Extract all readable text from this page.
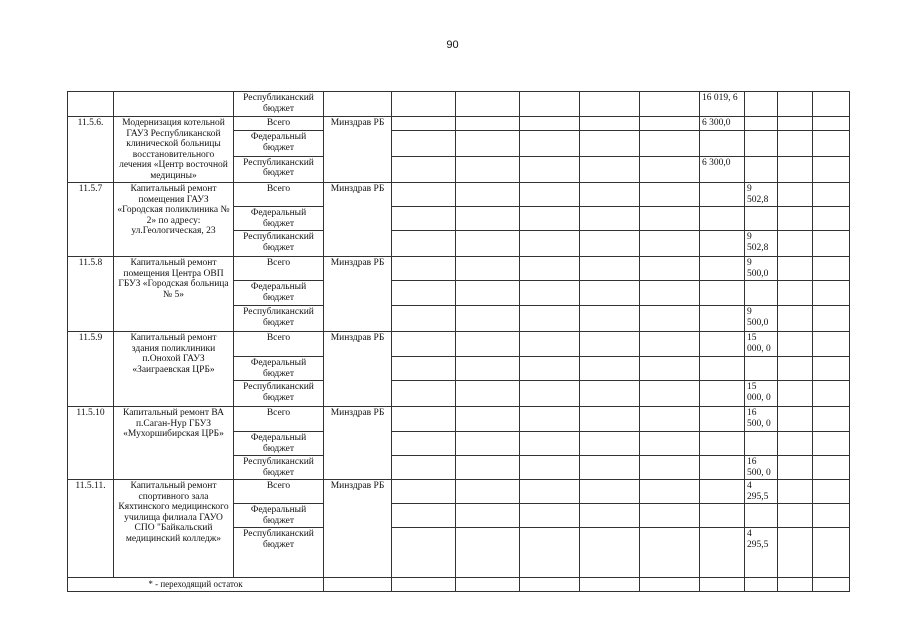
90
		Республиканский бюджет							16 019, 6				
11.5.6.	Модернизация котельной ГАУЗ Республиканской клинической больницы восстановительного лечения «Центр восточной медицины»	Всего	Минздрав РБ						6 300,0				
		Федеральный бюджет											
		Республиканский бюджет							6 300,0				
11.5.7	Капитальный ремонт помещения ГАУЗ «Городская поликлиника № 2» по адресу: ул.Геологическая, 23	Всего	Минздрав РБ							9 502,8			
		Федеральный бюджет											
		Республиканский бюджет								9 502,8			
11.5.8	Капитальный ремонт помещения Центра ОВП ГБУЗ «Городская больница № 5»	Всего	Минздрав РБ							9 500,0			
		Федеральный бюджет											
		Республиканский бюджет								9 500,0			
11.5.9	Капитальный ремонт здания поликлиники п.Онохой ГАУЗ «Заиграевская ЦРБ»	Всего	Минздрав РБ							15 000, 0			
		Федеральный бюджет											
		Республиканский бюджет								15 000, 0			
11.5.10	Капитальный ремонт ВА п.Саган-Нур ГБУЗ «Мухоршибирская ЦРБ»	Всего	Минздрав РБ							16 500, 0			
		Федеральный бюджет											
		Республиканский бюджет								16 500, 0			
11.5.11.	Капитальный ремонт спортивного зала Кяхтинского медицинского училища филиала ГАУО СПО "Байкальский медицинский колледж»	Всего	Минздрав РБ							4 295,5			
		Федеральный бюджет											
		Республиканский бюджет								4 295,5			
* - переходящий остаток													
